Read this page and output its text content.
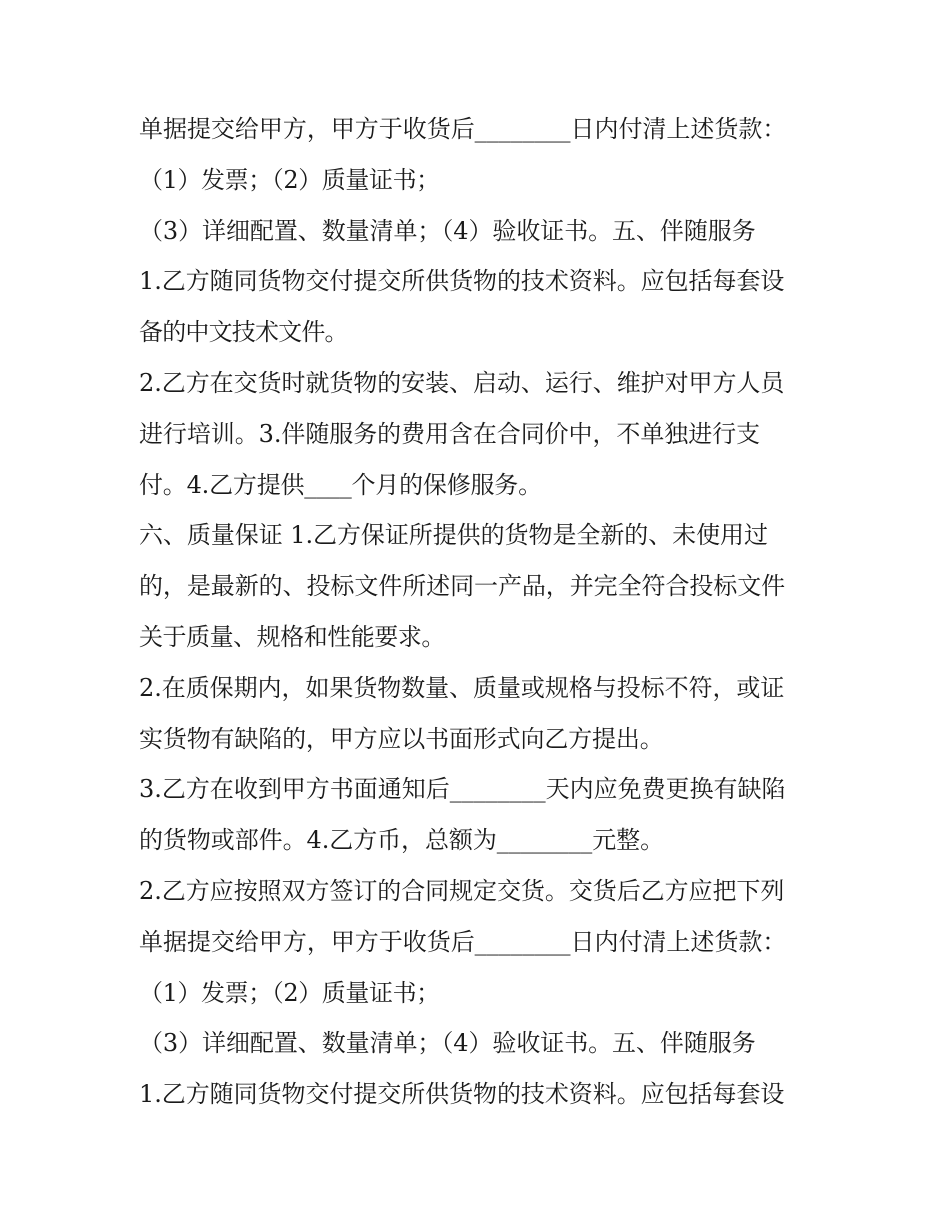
单据提交给甲方，甲方于收货后________日内付清上述货款：
（1）发票；（2）质量证书；
（3）详细配置、数量清单；（4）验收证书。五、伴随服务
1.乙方随同货物交付提交所供货物的技术资料。应包括每套设
备的中文技术文件。
2.乙方在交货时就货物的安装、启动、运行、维护对甲方人员
进行培训。3.伴随服务的费用含在合同价中，不单独进行支
付。4.乙方提供____个月的保修服务。
六、质量保证 1.乙方保证所提供的货物是全新的、未使用过
的，是最新的、投标文件所述同一产品，并完全符合投标文件
关于质量、规格和性能要求。
2.在质保期内，如果货物数量、质量或规格与投标不符，或证
实货物有缺陷的，甲方应以书面形式向乙方提出。
3.乙方在收到甲方书面通知后________天内应免费更换有缺陷
的货物或部件。4.乙方币，总额为________元整。
2.乙方应按照双方签订的合同规定交货。交货后乙方应把下列
单据提交给甲方，甲方于收货后________日内付清上述货款：
（1）发票；（2）质量证书；
（3）详细配置、数量清单；（4）验收证书。五、伴随服务
1.乙方随同货物交付提交所供货物的技术资料。应包括每套设
